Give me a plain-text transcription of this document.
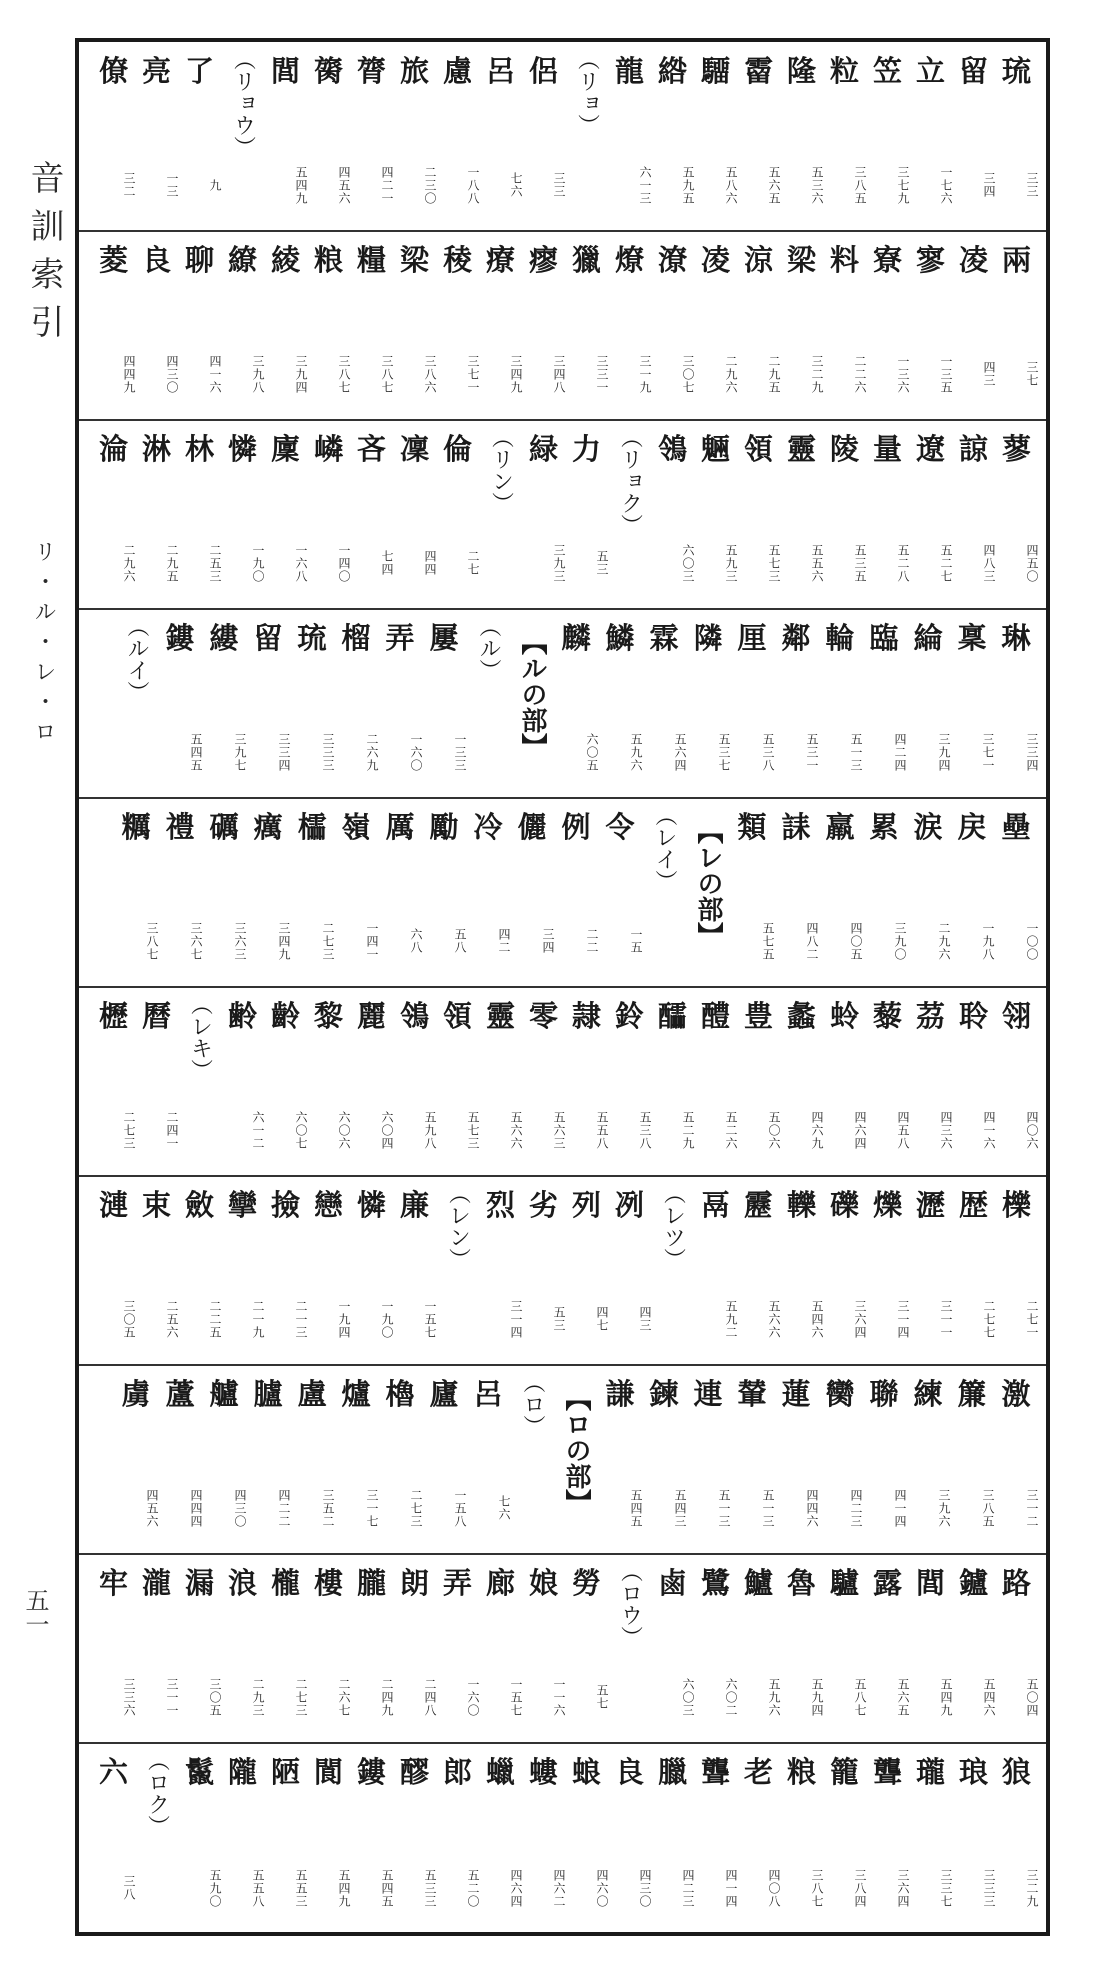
音訓索引
リ・ル・レ・ロ
五一
琉
三三
留
三四
立
一七六
笠
三七九
粒
三八五
隆
五三六
霤
五六五
驑
五八六
綹
五九五
龍
六一三
（リョ）
侶
三三
呂
七六
慮
一八八
旅
二三〇
膂
四二一
膐
四五六
閭
五四九
（リョウ）
了
九
亮
一三
僚
三二
兩
三七
凌
四三
寥
一三五
寮
一三六
料
二二六
梁
三二九
涼
二九五
凌
二九六
潦
三〇七
燎
三一九
獵
三三一
瘳
三四八
療
三四九
稜
三七一
梁
三八六
糧
三八七
粮
三八七
綾
三九四
繚
三九八
聊
四一六
良
四三〇
菱
四四九
蓼
四五〇
諒
四八三
遼
五二七
量
五二八
陵
五三五
靈
五五六
領
五七三
魎
五九三
鴒
六〇三
（リョク）
力
五三
緑
三九三
（リン）
倫
二七
凜
四四
吝
七四
嶙
一四〇
廩
一六八
憐
一九〇
林
二五三
淋
二九五
淪
二九六
琳
三三四
稟
三七一
綸
三九四
臨
四二四
輪
五一三
鄰
五三一
厘
五三八
隣
五三七
霖
五六四
鱗
五九六
麟
六〇五
【ルの部】
（ル）
屢
一三三
弄
一六〇
榴
二六九
琉
三三三
留
三三四
縷
三九七
鏤
五四五
（ルイ）
壘
一〇〇
戻
一九八
涙
二九六
累
三九〇
羸
四〇五
誄
四八二
類
五七五
【レの部】
（レイ）
令
一五
例
二二
儷
三四
冷
四二
勵
五八
厲
六八
嶺
一四一
櫺
二七三
癘
三四九
礪
三六三
禮
三六七
糲
三八七
翎
四〇六
聆
四一六
茘
四三六
藜
四五八
蛉
四六四
蠡
四六九
豊
五〇六
醴
五二六
醽
五二九
鈴
五三八
隷
五五八
零
五六三
靈
五六六
領
五七三
鴒
五九八
麗
六〇四
黎
六〇六
齡
六〇七
齢
六一二
（レキ）
曆
二四一
櫪
二七三
櫟
二七一
歴
二七七
瀝
三一一
爍
三一四
礫
三六四
轢
五四六
靂
五六六
鬲
五九二
（レツ）
冽
四三
列
四七
劣
五三
烈
三一四
（レン）
廉
一五七
憐
一九〇
戀
一九四
撿
二一三
攣
二一九
斂
二二五
束
二五六
漣
三〇五
激
三一二
簾
三八五
練
三九六
聯
四一四
臠
四二三
蓮
四四六
輦
五一三
連
五一三
鍊
五四三
謙
五四五
【ロの部】
（ロ）
呂
七六
廬
一五八
櫓
二七三
爐
三一七
盧
三五二
臚
四二二
艫
四三〇
蘆
四四四
虜
四五六
路
五〇四
鑪
五四六
閭
五四九
露
五六五
驢
五八七
魯
五九四
鱸
五九六
鷺
六〇二
鹵
六〇三
（ロウ）
勞
五七
娘
一一六
廊
一五七
弄
一六〇
朗
二四八
朧
二四九
樓
二六七
櫳
二七三
浪
二九三
漏
三〇五
瀧
三一一
牢
三三六
狼
三二九
琅
三三三
瓏
三三七
聾
三六四
籠
三八四
粮
三八七
老
四〇八
聾
四一四
臘
四二三
良
四三〇
蜋
四六〇
螻
四六二
蠟
四六四
郎
五二〇
醪
五三三
鏤
五四五
閬
五四九
陋
五五三
隴
五五八
鬣
五九〇
（ロク）
六
三八
